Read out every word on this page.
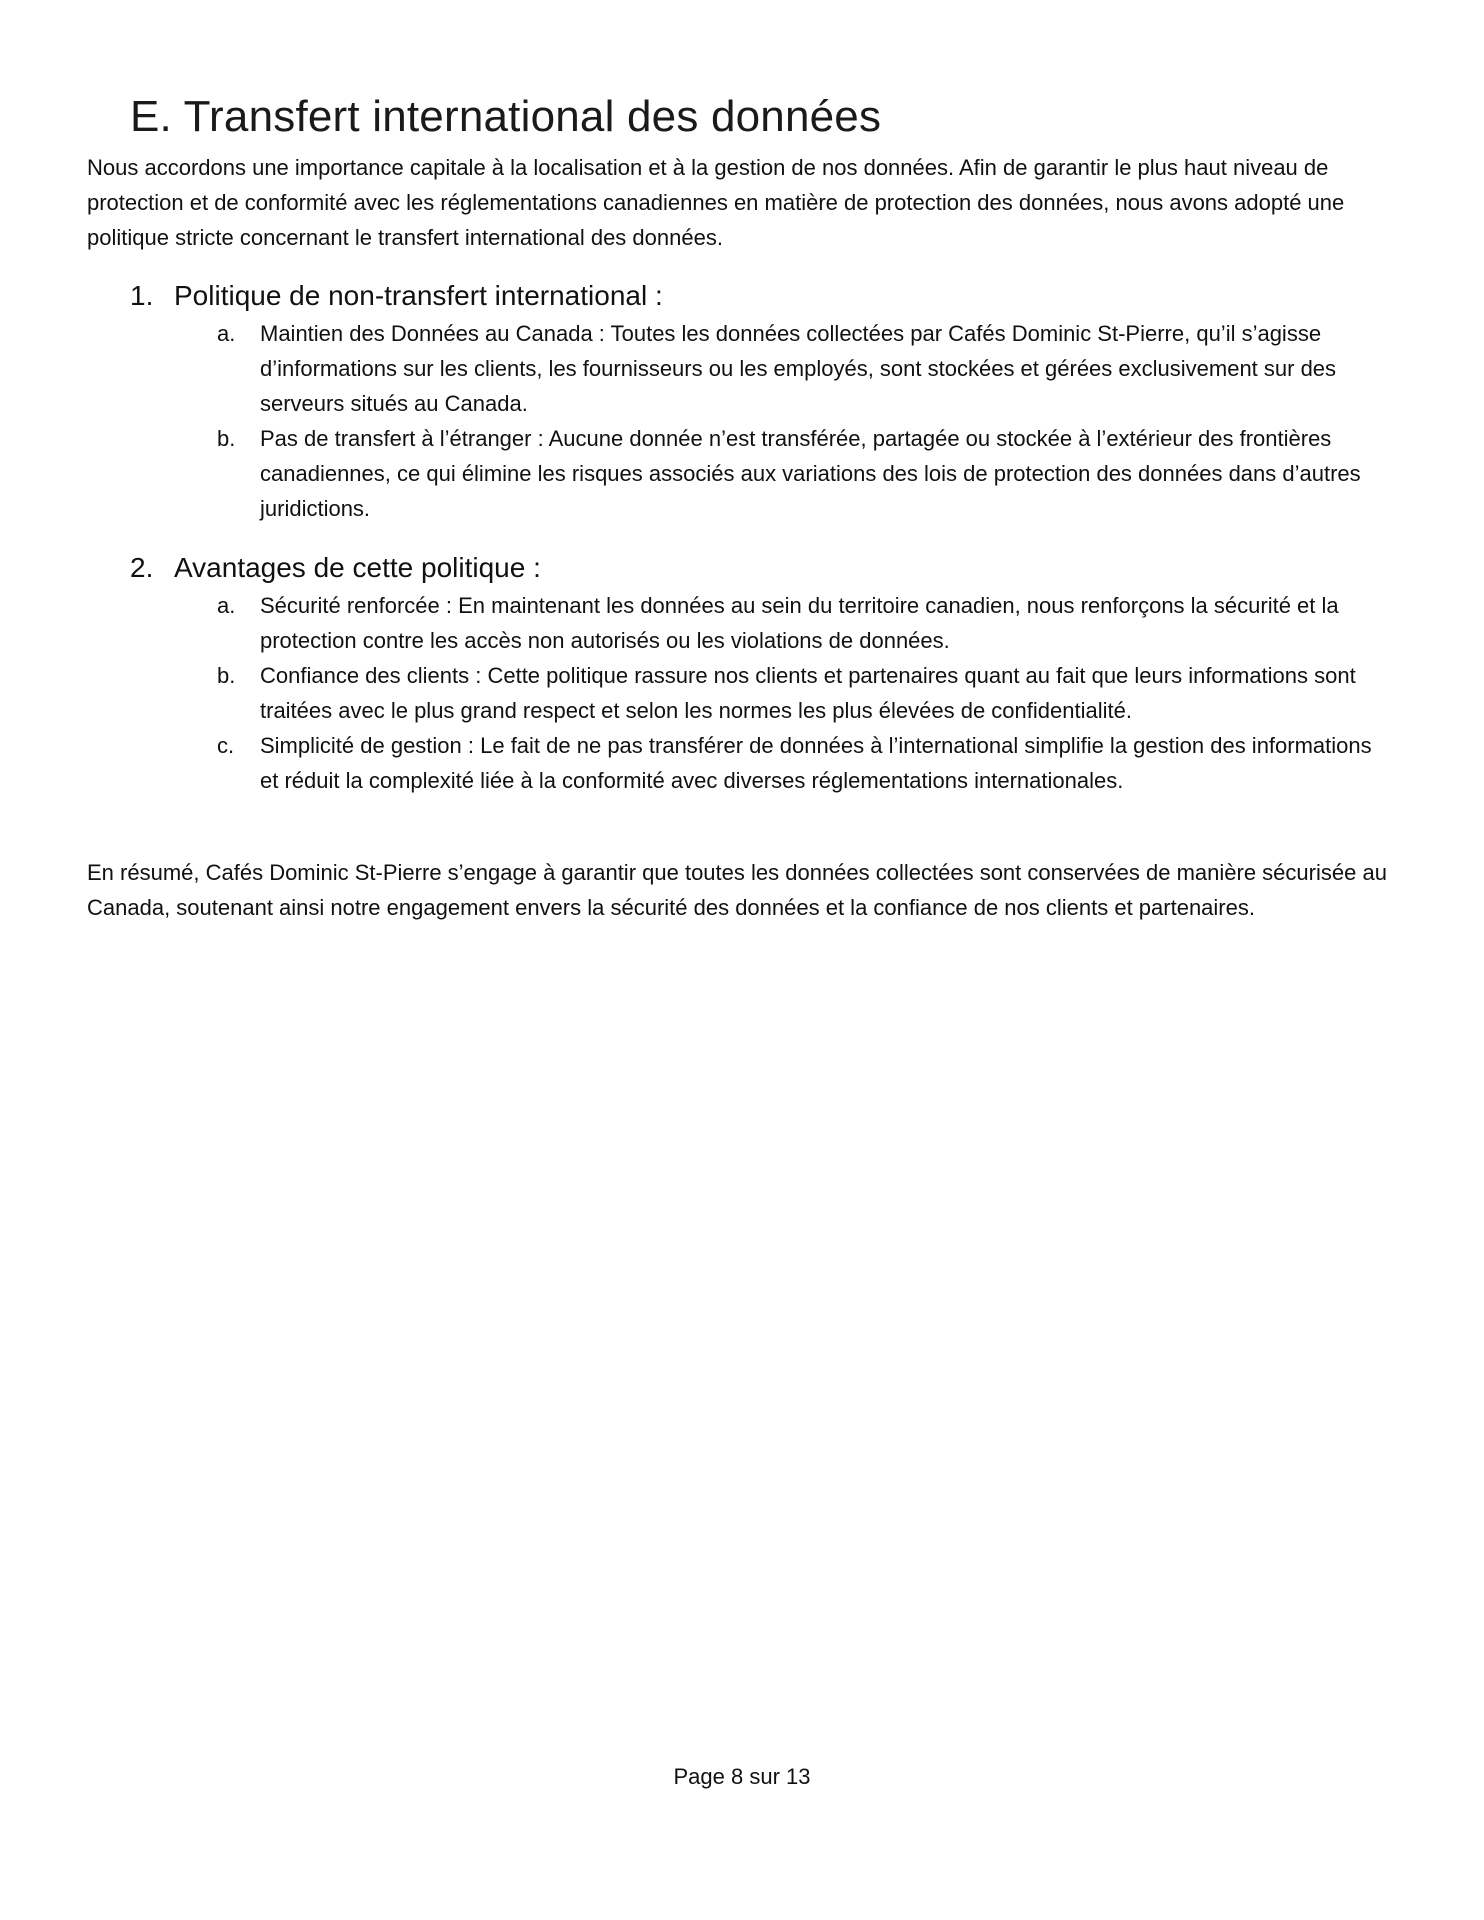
E. Transfert international des données

Nous accordons une importance capitale à la localisation et à la gestion de nos données. Afin de garantir le plus haut niveau de protection et de conformité avec les réglementations canadiennes en matière de protection des données, nous avons adopté une politique stricte concernant le transfert international des données.

1. Politique de non-transfert international :
a.	Maintien des Données au Canada : Toutes les données collectées par Cafés Dominic St-Pierre, qu’il s’agisse d’informations sur les clients, les fournisseurs ou les employés, sont stockées et gérées exclusivement sur des serveurs situés au Canada.
b.	Pas de transfert à l’étranger : Aucune donnée n’est transférée, partagée ou stockée à l’extérieur des frontières canadiennes, ce qui élimine les risques associés aux variations des lois de protection des données dans d’autres juridictions.
2. Avantages de cette politique :
a.	Sécurité renforcée : En maintenant les données au sein du territoire canadien, nous renforçons la sécurité et la protection contre les accès non autorisés ou les violations de données.
b.	Confiance des clients : Cette politique rassure nos clients et partenaires quant au fait que leurs informations sont traitées avec le plus grand respect et selon les normes les plus élevées de confidentialité.
c.	Simplicité de gestion : Le fait de ne pas transférer de données à l’international simplifie la gestion des informations et réduit la complexité liée à la conformité avec diverses réglementations internationales.

En résumé, Cafés Dominic St-Pierre s’engage à garantir que toutes les données collectées sont conservées de manière sécurisée au Canada, soutenant ainsi notre engagement envers la sécurité des données et la confiance de nos clients et partenaires.

Page 8 sur 13
